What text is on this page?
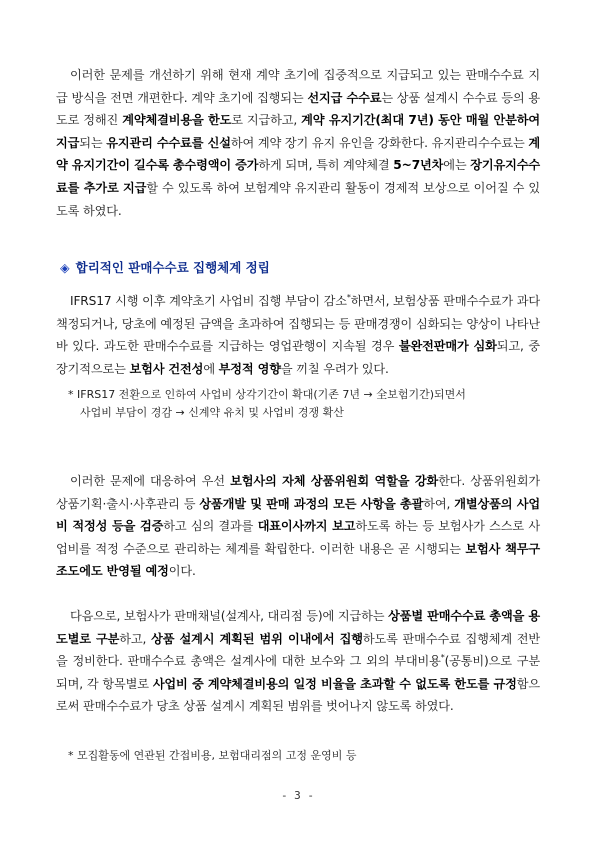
이러한 문제를 개선하기 위해 현재 계약 초기에 집중적으로 지급되고 있는 판매수수료 지급 방식을 전면 개편한다. 계약 초기에 집행되는 선지급 수수료는 상품 설계시 수수료 등의 용도로 정해진 계약체결비용을 한도로 지급하고, 계약 유지기간(최대 7년) 동안 매월 안분하여 지급되는 유지관리 수수료를 신설하여 계약 장기 유지 유인을 강화한다. 유지관리수수료는 계약 유지기간이 길수록 총수령액이 증가하게 되며, 특히 계약체결 5~7년차에는 장기유지수수료를 추가로 지급할 수 있도록 하여 보험계약 유지관리 활동이 경제적 보상으로 이어질 수 있도록 하였다.
◈ 합리적인 판매수수료 집행체계 정립
IFRS17 시행 이후 계약초기 사업비 집행 부담이 감소*하면서, 보험상품 판매수수료가 과다 책정되거나, 당초에 예정된 금액을 초과하여 집행되는 등 판매경쟁이 심화되는 양상이 나타난 바 있다. 과도한 판매수수료를 지급하는 영업관행이 지속될 경우 불완전판매가 심화되고, 중장기적으로는 보험사 건전성에 부정적 영향을 끼칠 우려가 있다.
* IFRS17 전환으로 인하여 사업비 상각기간이 확대(기존 7년 → 全보험기간)되면서
사업비 부담이 경감 → 신계약 유치 및 사업비 경쟁 확산
이러한 문제에 대응하여 우선 보험사의 자체 상품위원회 역할을 강화한다. 상품위원회가 상품기획·출시·사후관리 등 상품개발 및 판매 과정의 모든 사항을 총괄하여, 개별상품의 사업비 적정성 등을 검증하고 심의 결과를 대표이사까지 보고하도록 하는 등 보험사가 스스로 사업비를 적정 수준으로 관리하는 체계를 확립한다. 이러한 내용은 곧 시행되는 보험사 책무구조도에도 반영될 예정이다.
다음으로, 보험사가 판매채널(설계사, 대리점 등)에 지급하는 상품별 판매수수료 총액을 용도별로 구분하고, 상품 설계시 계획된 범위 이내에서 집행하도록 판매수수료 집행체계 전반을 정비한다. 판매수수료 총액은 설계사에 대한 보수와 그 외의 부대비용*(공통비)으로 구분되며, 각 항목별로 사업비 중 계약체결비용의 일정 비율을 초과할 수 없도록 한도를 규정함으로써 판매수수료가 당초 상품 설계시 계획된 범위를 벗어나지 않도록 하였다.
* 모집활동에 연관된 간접비용, 보험대리점의 고정 운영비 등
- 3 -
